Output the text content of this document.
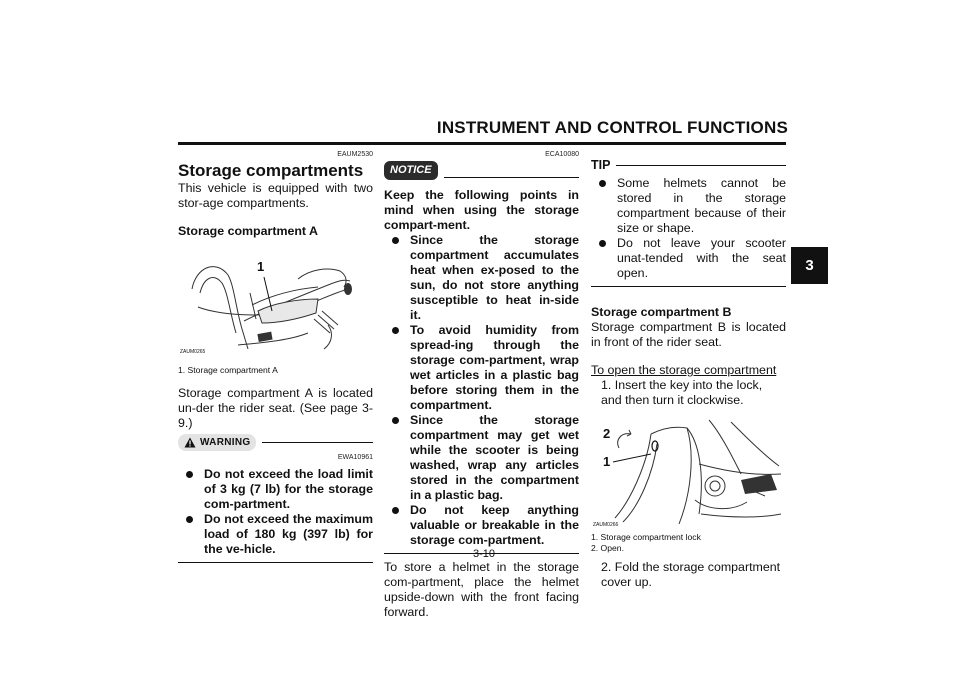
INSTRUMENT AND CONTROL FUNCTIONS
3
EAUM2530
Storage compartments

This vehicle is equipped with two stor-age compartments.

Storage compartment A

1
ZAUM0265

1. Storage compartment A

Storage compartment A is located un-der the rider seat. (See page 3-9.)

WARNING
EWA10961
Do not exceed the load limit of 3 kg (7 lb) for the storage com-partment.
Do not exceed the maximum load of 180 kg (397 lb) for the ve-hicle.
ECA10080
NOTICE

Keep the following points in mind when using the storage compart-ment.

Since the storage compartment accumulates heat when ex-posed to the sun, do not store anything susceptible to heat in-side it.
To avoid humidity from spread-ing through the storage com-partment, wrap wet articles in a plastic bag before storing them in the compartment.
Since the storage compartment may get wet while the scooter is being washed, wrap any articles stored in the compartment in a plastic bag.
Do not keep anything valuable or breakable in the storage com-partment.

To store a helmet in the storage com-partment, place the helmet upside-down with the front facing forward.

TIP
Some helmets cannot be stored in the storage compartment because of their size or shape.
Do not leave your scooter unat-tended with the seat open.

Storage compartment B

Storage compartment B is located in front of the rider seat.

To open the storage compartment

1. Insert the key into the lock, and then turn it clockwise.

2
1
ZAUM0266

1. Storage compartment lock

2. Open.

2. Fold the storage compartment cover up.

3-10
